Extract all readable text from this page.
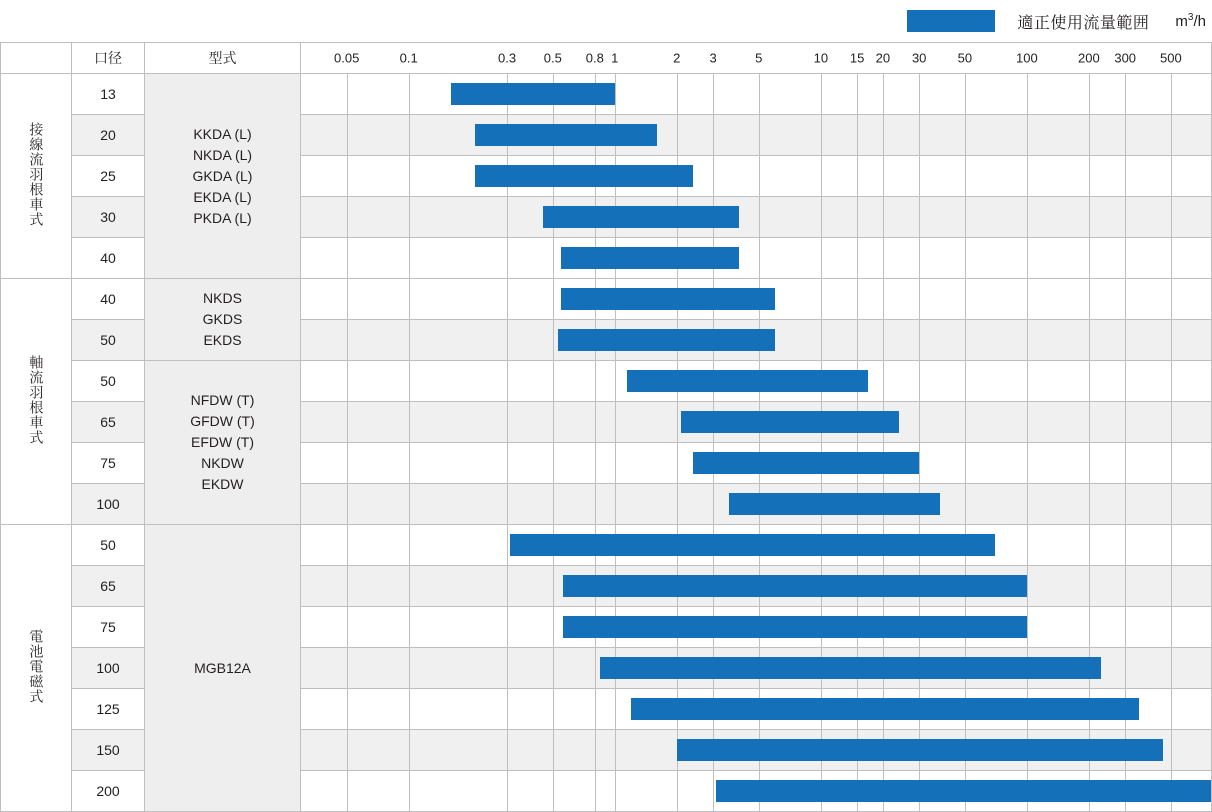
適正使用流量範囲 $m^3/h$
	口径	型式	0.05	0.1	0.3 0.5 0.8 1	2 3	5	10 15 20 30 50	100	200 300 500

接線流羽根車式	13	KKDA (L)
NKDA (L)
GKDA (L)
EKDA (L)
PKDA (L)	

	20		

	25		

	30		

	40		

軸流羽根車式	40	NKDS
GKDS
EKDS	

	50		

	50	NFDW (T)
GFDW (T)
EFDW (T)
NKDW
EKDW	

	65		

	75		

	100		

電池電磁式	50	MGB12A	

	65		

	75		

	100		

	125		

	150		

	200		
